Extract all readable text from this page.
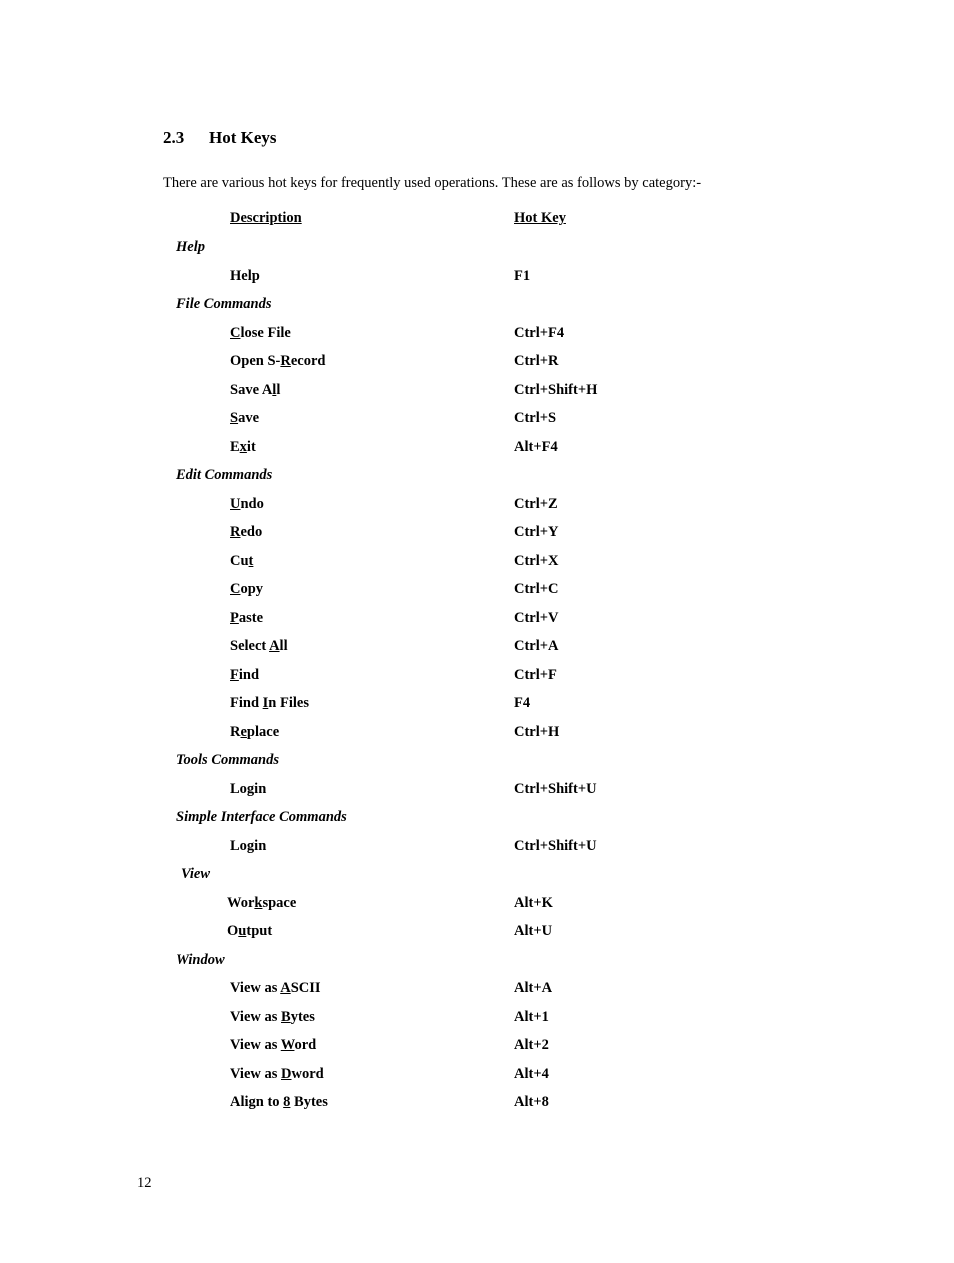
2.3 Hot Keys
There are various hot keys for frequently used operations. These are as follows by category:-
Description	Hot Key
Help
Help	F1
File Commands
Close File	Ctrl+F4
Open S-Record	Ctrl+R
Save All	Ctrl+Shift+H
Save	Ctrl+S
Exit	Alt+F4
Edit Commands
Undo	Ctrl+Z
Redo	Ctrl+Y
Cut	Ctrl+X
Copy	Ctrl+C
Paste	Ctrl+V
Select All	Ctrl+A
Find	Ctrl+F
Find In Files	F4
Replace	Ctrl+H
Tools Commands
Login	Ctrl+Shift+U
Simple Interface Commands
Login	Ctrl+Shift+U
View
Workspace	Alt+K
Output	Alt+U
Window
View as ASCII	Alt+A
View as Bytes	Alt+1
View as Word	Alt+2
View as Dword	Alt+4
Align to 8 Bytes	Alt+8
12
